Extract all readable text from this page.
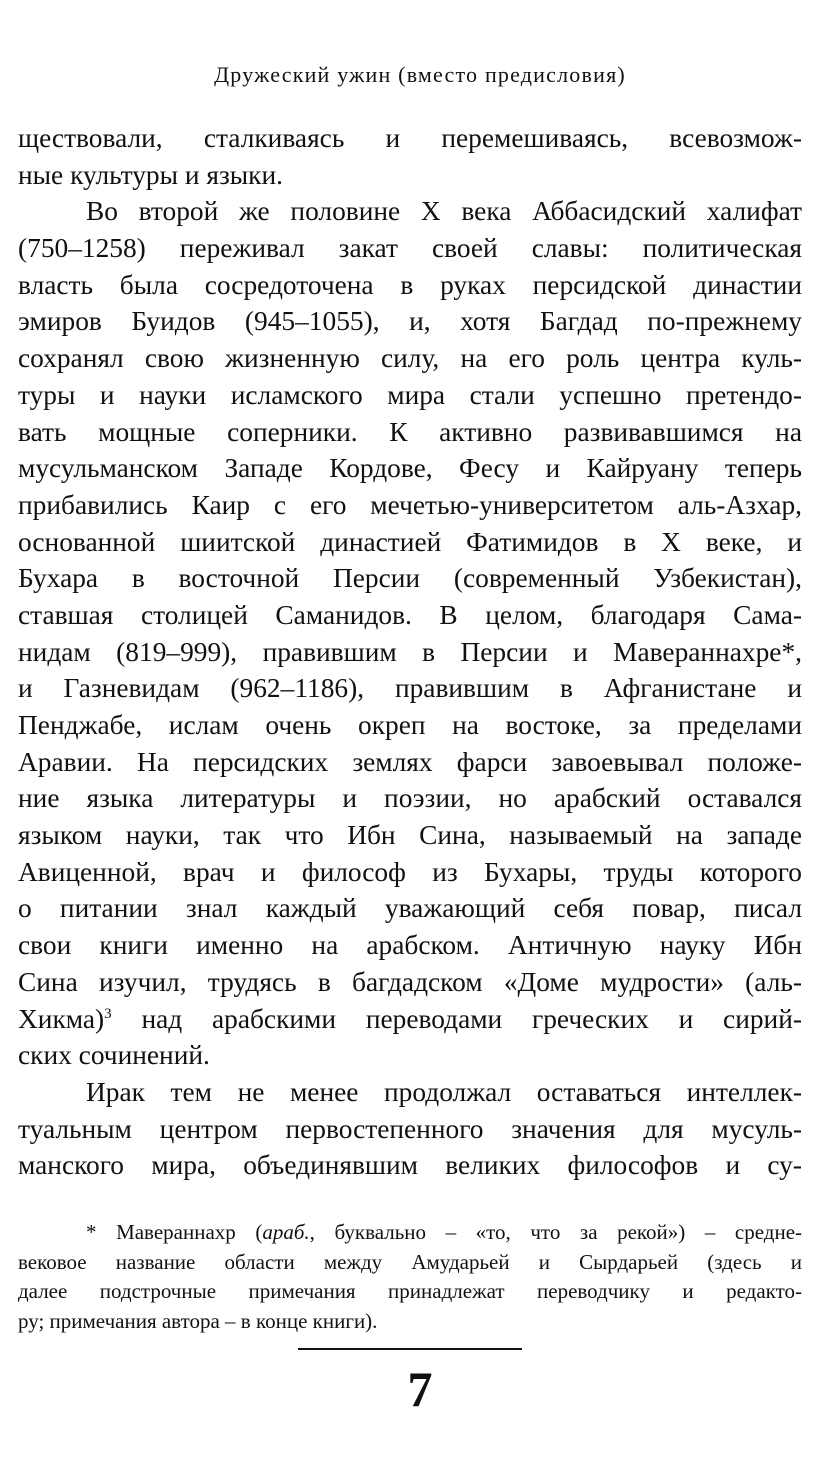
Дружеский ужин (вместо предисловия)
ществовали, сталкиваясь и перемешиваясь, всевозмож-
ные культуры и языки.
Во второй же половине X века Аббасидский халифат
(750–1258) переживал закат своей славы: политическая
власть была сосредоточена в руках персидской династии
эмиров Буидов (945–1055), и, хотя Багдад по-прежнему
сохранял свою жизненную силу, на его роль центра куль-
туры и науки исламского мира стали успешно претендо-
вать мощные соперники. К активно развивавшимся на
мусульманском Западе Кордове, Фесу и Кайруану теперь
прибавились Каир с его мечетью-университетом аль-Азхар,
основанной шиитской династией Фатимидов в X веке, и
Бухара в восточной Персии (современный Узбекистан),
ставшая столицей Саманидов. В целом, благодаря Сама-
нидам (819–999), правившим в Персии и Мавераннахре*,
и Газневидам (962–1186), правившим в Афганистане и
Пенджабе, ислам очень окреп на востоке, за пределами
Аравии. На персидских землях фарси завоевывал положе-
ние языка литературы и поэзии, но арабский оставался
языком науки, так что Ибн Сина, называемый на западе
Авиценной, врач и философ из Бухары, труды которого
о питании знал каждый уважающий себя повар, писал
свои книги именно на арабском. Античную науку Ибн
Сина изучил, трудясь в багдадском «Доме мудрости» (аль-
Хикма)$^3$ над арабскими переводами греческих и сирий-
ских сочинений.
Ирак тем не менее продолжал оставаться интеллек-
туальным центром первостепенного значения для мусуль-
манского мира, объединявшим великих философов и су-
* Мавераннахр (араб., буквально – «то, что за рекой») – средне-
вековое название области между Амударьей и Сырдарьей (здесь и
далее подстрочные примечания принадлежат переводчику и редакто-
ру; примечания автора – в конце книги).
7
